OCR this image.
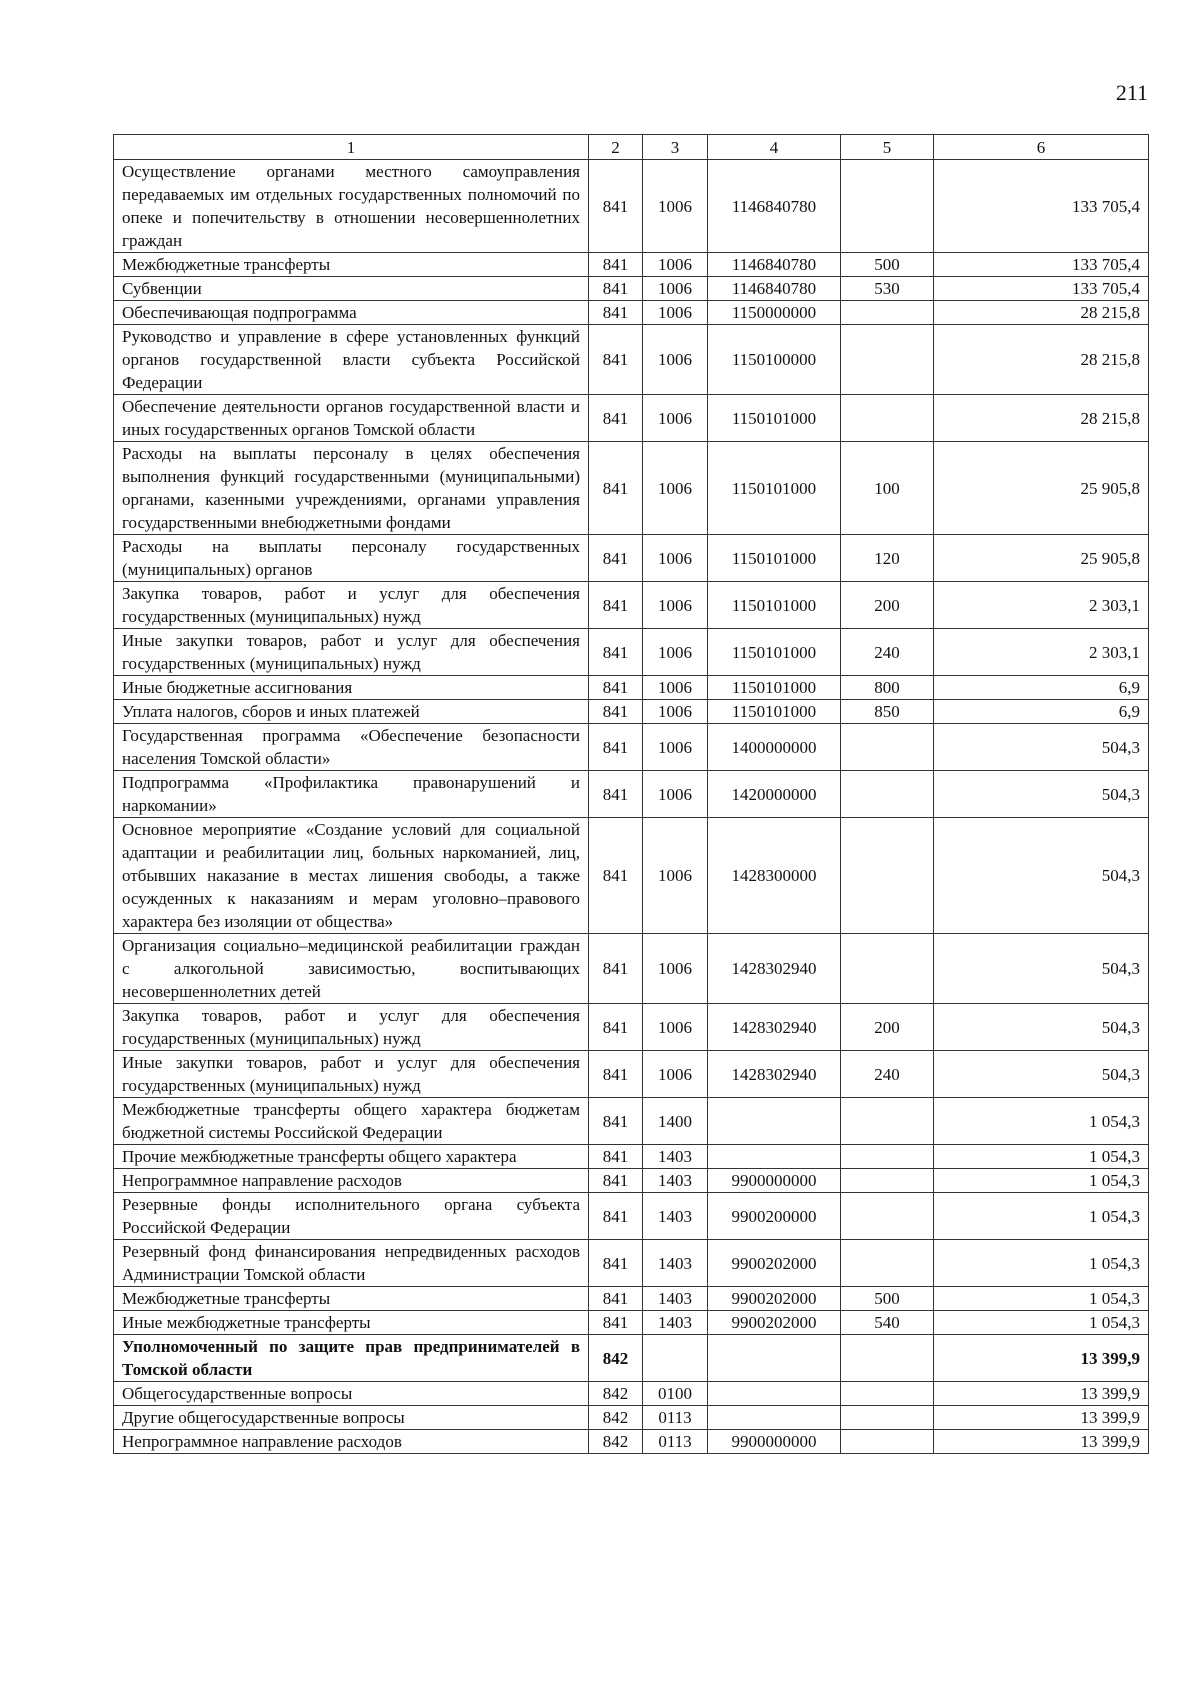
211
1	2	3	4	5	6
Осуществление органами местного самоуправления передаваемых им отдельных государственных полномочий по опеке и попечительству в отношении несовершеннолетних граждан	841	1006	1146840780		133 705,4
Межбюджетные трансферты	841	1006	1146840780	500	133 705,4
Субвенции	841	1006	1146840780	530	133 705,4
Обеспечивающая подпрограмма	841	1006	1150000000		28 215,8
Руководство и управление в сфере установленных функций органов государственной власти субъекта Российской Федерации	841	1006	1150100000		28 215,8
Обеспечение деятельности органов государственной власти и иных государственных органов Томской области	841	1006	1150101000		28 215,8
Расходы на выплаты персоналу в целях обеспечения выполнения функций государственными (муниципальными) органами, казенными учреждениями, органами управления государственными внебюджетными фондами	841	1006	1150101000	100	25 905,8
Расходы на выплаты персоналу государственных (муниципальных) органов	841	1006	1150101000	120	25 905,8
Закупка товаров, работ и услуг для обеспечения государственных (муниципальных) нужд	841	1006	1150101000	200	2 303,1
Иные закупки товаров, работ и услуг для обеспечения государственных (муниципальных) нужд	841	1006	1150101000	240	2 303,1
Иные бюджетные ассигнования	841	1006	1150101000	800	6,9
Уплата налогов, сборов и иных платежей	841	1006	1150101000	850	6,9
Государственная программа «Обеспечение безопасности населения Томской области»	841	1006	1400000000		504,3
Подпрограмма «Профилактика правонарушений и наркомании»	841	1006	1420000000		504,3
Основное мероприятие «Создание условий для социальной адаптации и реабилитации лиц, больных наркоманией, лиц, отбывших наказание в местах лишения свободы, а также осужденных к наказаниям и мерам уголовно–правового характера без изоляции от общества»	841	1006	1428300000		504,3
Организация социально–медицинской реабилитации граждан с алкогольной зависимостью, воспитывающих несовершеннолетних детей	841	1006	1428302940		504,3
Закупка товаров, работ и услуг для обеспечения государственных (муниципальных) нужд	841	1006	1428302940	200	504,3
Иные закупки товаров, работ и услуг для обеспечения государственных (муниципальных) нужд	841	1006	1428302940	240	504,3
Межбюджетные трансферты общего характера бюджетам бюджетной системы Российской Федерации	841	1400			1 054,3
Прочие межбюджетные трансферты общего характера	841	1403			1 054,3
Непрограммное направление расходов	841	1403	9900000000		1 054,3
Резервные фонды исполнительного органа субъекта Российской Федерации	841	1403	9900200000		1 054,3
Резервный фонд финансирования непредвиденных расходов Администрации Томской области	841	1403	9900202000		1 054,3
Межбюджетные трансферты	841	1403	9900202000	500	1 054,3
Иные межбюджетные трансферты	841	1403	9900202000	540	1 054,3
Уполномоченный по защите прав предпринимателей в Томской области	842				13 399,9
Общегосударственные вопросы	842	0100			13 399,9
Другие общегосударственные вопросы	842	0113			13 399,9
Непрограммное направление расходов	842	0113	9900000000		13 399,9
